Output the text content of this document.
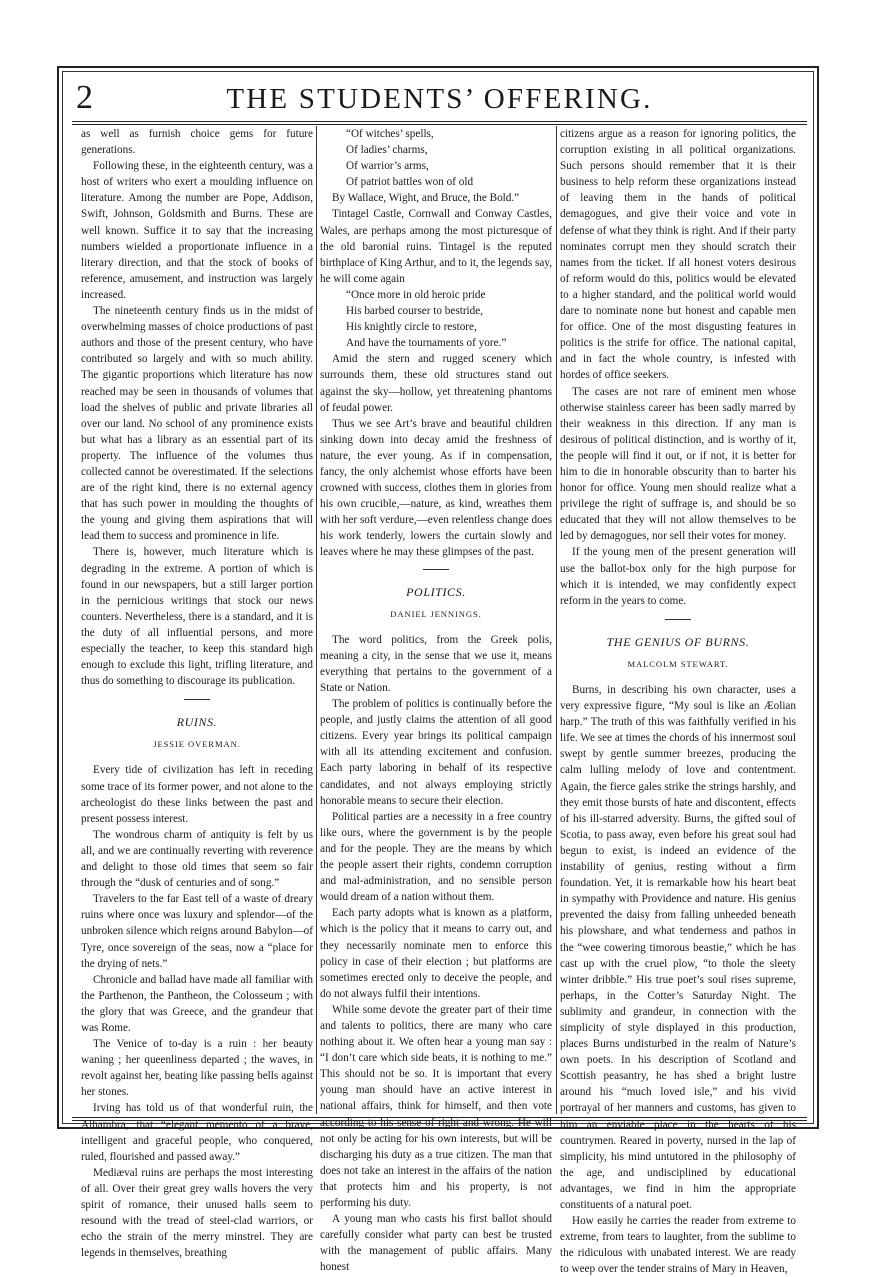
2	THE STUDENTS’ OFFERING.

as well as furnish choice gems for future generations.

Following these, in the eighteenth century, was a host of writers who exert a moulding influence on literature. Among the number are Pope, Addison, Swift, Johnson, Goldsmith and Burns. These are well known. Suffice it to say that the increasing numbers wielded a proportionate influence in a literary direction, and that the stock of books of reference, amusement, and instruction was largely increased.

The nineteenth century finds us in the midst of overwhelming masses of choice productions of past authors and those of the present century, who have contributed so largely and with so much ability. The gigantic proportions which literature has now reached may be seen in thousands of volumes that load the shelves of public and private libraries all over our land. No school of any prominence exists but what has a library as an essential part of its property. The influence of the volumes thus collected cannot be overestimated. If the selections are of the right kind, there is no external agency that has such power in moulding the thoughts of the young and giving them aspirations that will lead them to success and prominence in life.

There is, however, much literature which is degrading in the extreme. A portion of which is found in our newspapers, but a still larger portion in the pernicious writings that stock our news counters. Nevertheless, there is a standard, and it is the duty of all influential persons, and more especially the teacher, to keep this standard high enough to exclude this light, trifling literature, and thus do something to discourage its publication.

RUINS.

JESSIE OVERMAN.

Every tide of civilization has left in receding some trace of its former power, and not alone to the archeologist do these links between the past and present possess interest.

The wondrous charm of antiquity is felt by us all, and we are continually reverting with reverence and delight to those old times that seem so fair through the “dusk of centuries and of song.”

Travelers to the far East tell of a waste of dreary ruins where once was luxury and splendor—of the unbroken silence which reigns around Babylon—of Tyre, once sovereign of the seas, now a “place for the drying of nets.”

Chronicle and ballad have made all familiar with the Parthenon, the Pantheon, the Colosseum ; with the glory that was Greece, and the grandeur that was Rome.

The Venice of to-day is a ruin : her beauty waning ; her queenliness departed ; the waves, in revolt against her, beating like passing bells against her stones.

Irving has told us of that wonderful ruin, the Alhambra, that “elegant memento of a brave, intelligent and graceful people, who conquered, ruled, flourished and passed away.”

Mediæval ruins are perhaps the most interesting of all. Over their great grey walls hovers the very spirit of romance, their unused halls seem to resound with the tread of steel-clad warriors, or echo the strain of the merry minstrel. They are legends in themselves, breathing

“Of witches’ spells,

Of ladies’ charms,

Of warrior’s arms,

Of patriot battles won of old

By Wallace, Wight, and Bruce, the Bold.”

Tintagel Castle, Cornwall and Conway Castles, Wales, are perhaps among the most picturesque of the old baronial ruins. Tintagel is the reputed birthplace of King Arthur, and to it, the legends say, he will come again

“Once more in old heroic pride

His barbed courser to bestride,

His knightly circle to restore,

And have the tournaments of yore.”

Amid the stern and rugged scenery which surrounds them, these old structures stand out against the sky—hollow, yet threatening phantoms of feudal power.

Thus we see Art’s brave and beautiful children sinking down into decay amid the freshness of nature, the ever young. As if in compensation, fancy, the only alchemist whose efforts have been crowned with success, clothes them in glories from his own crucible,—nature, as kind, wreathes them with her soft verdure,—even relentless change does his work tenderly, lowers the curtain slowly and leaves where he may these glimpses of the past.

POLITICS.

DANIEL JENNINGS.

The word politics, from the Greek polis, meaning a city, in the sense that we use it, means everything that pertains to the government of a State or Nation.

The problem of politics is continually before the people, and justly claims the attention of all good citizens. Every year brings its political campaign with all its attending excitement and confusion. Each party laboring in behalf of its respective candidates, and not always employing strictly honorable means to secure their election.

Political parties are a necessity in a free country like ours, where the government is by the people and for the people. They are the means by which the people assert their rights, condemn corruption and mal-administration, and no sensible person would dream of a nation without them.

Each party adopts what is known as a platform, which is the policy that it means to carry out, and they necessarily nominate men to enforce this policy in case of their election ; but platforms are sometimes erected only to deceive the people, and do not always fulfil their intentions.

While some devote the greater part of their time and talents to politics, there are many who care nothing about it. We often hear a young man say : “I don’t care which side beats, it is nothing to me.” This should not be so. It is important that every young man should have an active interest in national affairs, think for himself, and then vote according to his sense of right and wrong. He will not only be acting for his own interests, but will be discharging his duty as a true citizen. The man that does not take an interest in the affairs of the nation that protects him and his property, is not performing his duty.

A young man who casts his first ballot should carefully consider what party can best be trusted with the management of public affairs. Many honest

citizens argue as a reason for ignoring politics, the corruption existing in all political organizations. Such persons should remember that it is their business to help reform these organizations instead of leaving them in the hands of political demagogues, and give their voice and vote in defense of what they think is right. And if their party nominates corrupt men they should scratch their names from the ticket. If all honest voters desirous of reform would do this, politics would be elevated to a higher standard, and the political world would dare to nominate none but honest and capable men for office. One of the most disgusting features in politics is the strife for office. The national capital, and in fact the whole country, is infested with hordes of office seekers.

The cases are not rare of eminent men whose otherwise stainless career has been sadly marred by their weakness in this direction. If any man is desirous of political distinction, and is worthy of it, the people will find it out, or if not, it is better for him to die in honorable obscurity than to barter his honor for office. Young men should realize what a privilege the right of suffrage is, and should be so educated that they will not allow themselves to be led by demagogues, nor sell their votes for money.

If the young men of the present generation will use the ballot-box only for the high purpose for which it is intended, we may confidently expect reform in the years to come.

THE GENIUS OF BURNS.

MALCOLM STEWART.

Burns, in describing his own character, uses a very expressive figure, “My soul is like an Æolian harp.” The truth of this was faithfully verified in his life. We see at times the chords of his innermost soul swept by gentle summer breezes, producing the calm lulling melody of love and contentment. Again, the fierce gales strike the strings harshly, and they emit those bursts of hate and discontent, effects of his ill-starred adversity. Burns, the gifted soul of Scotia, to pass away, even before his great soul had begun to exist, is indeed an evidence of the instability of genius, resting without a firm foundation. Yet, it is remarkable how his heart beat in sympathy with Providence and nature. His genius prevented the daisy from falling unheeded beneath his plowshare, and what tenderness and pathos in the “wee cowering timorous beastie,” which he has cast up with the cruel plow, “to thole the sleety winter dribble.” His true poet’s soul rises supreme, perhaps, in the Cotter’s Saturday Night. The sublimity and grandeur, in connection with the simplicity of style displayed in this production, places Burns undisturbed in the realm of Nature’s own poets. In his description of Scotland and Scottish peasantry, he has shed a bright lustre around his “much loved isle,” and his vivid portrayal of her manners and customs, has given to him an enviable place in the hearts of his countrymen. Reared in poverty, nursed in the lap of simplicity, his mind untutored in the philosophy of the age, and undisciplined by educational advantages, we find in him the appropriate constituents of a natural poet.

How easily he carries the reader from extreme to extreme, from tears to laughter, from the sublime to the ridiculous with unabated interest. We are ready to weep over the tender strains of Mary in Heaven,
